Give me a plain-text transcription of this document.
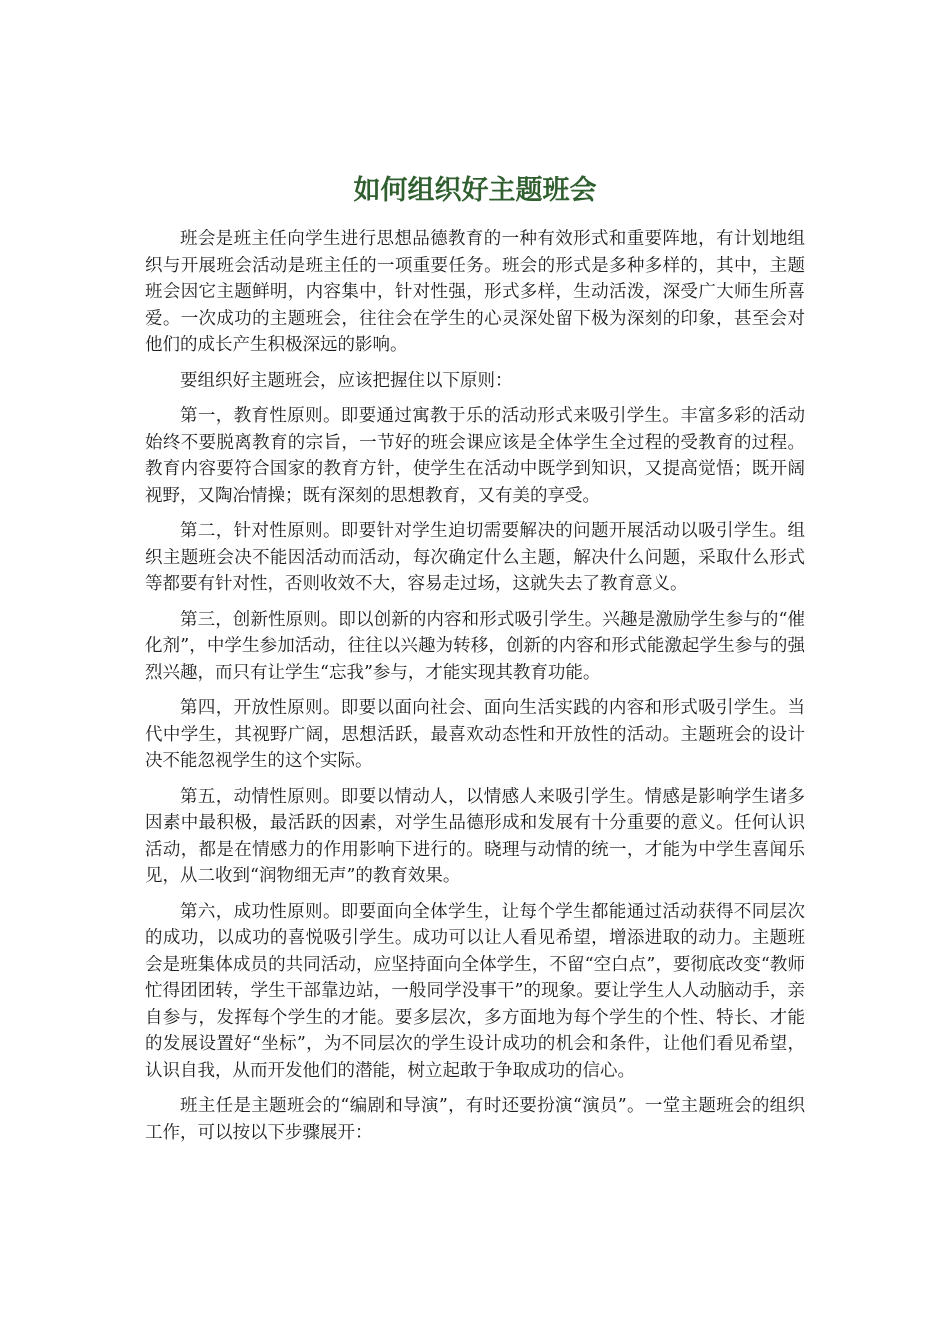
如何组织好主题班会

班会是班主任向学生进行思想品德教育的一种有效形式和重要阵地，有计划地组织与开展班会活动是班主任的一项重要任务。班会的形式是多种多样的，其中，主题班会因它主题鲜明，内容集中，针对性强，形式多样，生动活泼，深受广大师生所喜爱。一次成功的主题班会，往往会在学生的心灵深处留下极为深刻的印象，甚至会对他们的成长产生积极深远的影响。

要组织好主题班会，应该把握住以下原则：

第一，教育性原则。即要通过寓教于乐的活动形式来吸引学生。丰富多彩的活动始终不要脱离教育的宗旨，一节好的班会课应该是全体学生全过程的受教育的过程。教育内容要符合国家的教育方针，使学生在活动中既学到知识，又提高觉悟；既开阔视野，又陶冶情操；既有深刻的思想教育，又有美的享受。

第二，针对性原则。即要针对学生迫切需要解决的问题开展活动以吸引学生。组织主题班会决不能因活动而活动，每次确定什么主题，解决什么问题，采取什么形式等都要有针对性，否则收效不大，容易走过场，这就失去了教育意义。

第三，创新性原则。即以创新的内容和形式吸引学生。兴趣是激励学生参与的“催化剂”，中学生参加活动，往往以兴趣为转移，创新的内容和形式能激起学生参与的强烈兴趣，而只有让学生“忘我”参与，才能实现其教育功能。

第四，开放性原则。即要以面向社会、面向生活实践的内容和形式吸引学生。当代中学生，其视野广阔，思想活跃，最喜欢动态性和开放性的活动。主题班会的设计决不能忽视学生的这个实际。

第五，动情性原则。即要以情动人，以情感人来吸引学生。情感是影响学生诸多因素中最积极，最活跃的因素，对学生品德形成和发展有十分重要的意义。任何认识活动，都是在情感力的作用影响下进行的。晓理与动情的统一，才能为中学生喜闻乐见，从二收到“润物细无声”的教育效果。

第六，成功性原则。即要面向全体学生，让每个学生都能通过活动获得不同层次的成功，以成功的喜悦吸引学生。成功可以让人看见希望，增添进取的动力。主题班会是班集体成员的共同活动，应坚持面向全体学生，不留“空白点”，要彻底改变“教师忙得团团转，学生干部靠边站，一般同学没事干”的现象。要让学生人人动脑动手，亲自参与，发挥每个学生的才能。要多层次，多方面地为每个学生的个性、特长、才能的发展设置好“坐标”，为不同层次的学生设计成功的机会和条件，让他们看见希望，认识自我，从而开发他们的潜能，树立起敢于争取成功的信心。

班主任是主题班会的“编剧和导演”，有时还要扮演“演员”。一堂主题班会的组织工作，可以按以下步骤展开：
